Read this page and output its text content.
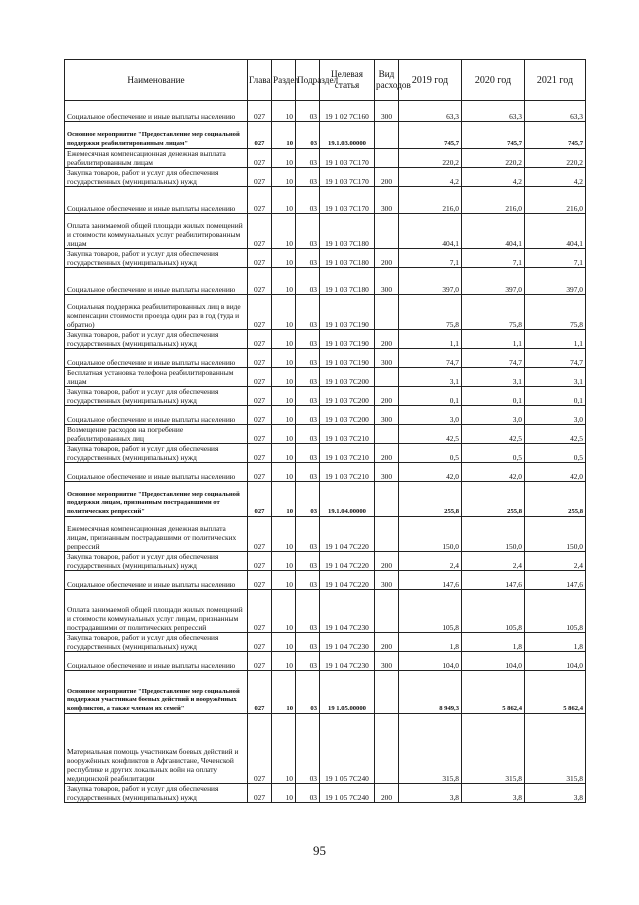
Наименование	Глава	Раздел	Подраздел	Целевая статья	Вид расходов	2019 год	2020 год	2021 год
Социальное обеспечение и иные выплаты населению	027	10	03	19 1 02 7С160	300	63,3	63,3	63,3
Основное мероприятие "Предоставление мер социальной поддержки реабилитированным лицам"	027	10	03	19.1.03.00000		745,7	745,7	745,7
Ежемесячная компенсационная денежная выплата реабилитированным лицам	027	10	03	19 1 03 7С170		220,2	220,2	220,2
Закупка товаров, работ и услуг для обеспечения государственных (муниципальных) нужд	027	10	03	19 1 03 7С170	200	4,2	4,2	4,2
Социальное обеспечение и иные выплаты населению	027	10	03	19 1 03 7С170	300	216,0	216,0	216,0
Оплата занимаемой общей площади жилых помещений и стоимости коммунальных услуг реабилитированным лицам	027	10	03	19 1 03 7С180		404,1	404,1	404,1
Закупка товаров, работ и услуг для обеспечения государственных (муниципальных) нужд	027	10	03	19 1 03 7С180	200	7,1	7,1	7,1
Социальное обеспечение и иные выплаты населению	027	10	03	19 1 03 7С180	300	397,0	397,0	397,0
Социальная поддержка реабилитированных лиц в виде компенсации стоимости проезда один раз в год (туда и обратно)	027	10	03	19 1 03 7С190		75,8	75,8	75,8
Закупка товаров, работ и услуг для обеспечения государственных (муниципальных) нужд	027	10	03	19 1 03 7С190	200	1,1	1,1	1,1
Социальное обеспечение и иные выплаты населению	027	10	03	19 1 03 7С190	300	74,7	74,7	74,7
Бесплатная установка телефона реабилитированным лицам	027	10	03	19 1 03 7С200		3,1	3,1	3,1
Закупка товаров, работ и услуг для обеспечения государственных (муниципальных) нужд	027	10	03	19 1 03 7С200	200	0,1	0,1	0,1
Социальное обеспечение и иные выплаты населению	027	10	03	19 1 03 7С200	300	3,0	3,0	3,0
Возмещение расходов на погребение реабилитированных лиц	027	10	03	19 1 03 7С210		42,5	42,5	42,5
Закупка товаров, работ и услуг для обеспечения государственных (муниципальных) нужд	027	10	03	19 1 03 7С210	200	0,5	0,5	0,5
Социальное обеспечение и иные выплаты населению	027	10	03	19 1 03 7С210	300	42,0	42,0	42,0
Основное мероприятие "Предоставление мер социальной поддержки лицам, признанным пострадавшими от политических репрессий"	027	10	03	19.1.04.00000		255,8	255,8	255,8
Ежемесячная компенсационная денежная выплата лицам, признанным пострадавшими от политических репрессий	027	10	03	19 1 04 7С220		150,0	150,0	150,0
Закупка товаров, работ и услуг для обеспечения государственных (муниципальных) нужд	027	10	03	19 1 04 7С220	200	2,4	2,4	2,4
Социальное обеспечение и иные выплаты населению	027	10	03	19 1 04 7С220	300	147,6	147,6	147,6
Оплата занимаемой общей площади жилых помещений и стоимости коммунальных услуг лицам, признанным пострадавшими от политических репрессий	027	10	03	19 1 04 7С230		105,8	105,8	105,8
Закупка товаров, работ и услуг для обеспечения государственных (муниципальных) нужд	027	10	03	19 1 04 7С230	200	1,8	1,8	1,8
Социальное обеспечение и иные выплаты населению	027	10	03	19 1 04 7С230	300	104,0	104,0	104,0
Основное мероприятие "Предоставление мер социальной поддержки участникам боевых действий и вооружённых конфликтов, а также членам их семей"	027	10	03	19 1.05.00000		8 949,3	5 862,4	5 862,4
Материальная помощь участникам боевых действий и вооружённых конфликтов в Афганистане, Чеченской республике и других локальных войн на оплату медицинской реабилитации	027	10	03	19 1 05 7С240		315,8	315,8	315,8
Закупка товаров, работ и услуг для обеспечения государственных (муниципальных) нужд	027	10	03	19 1 05 7С240	200	3,8	3,8	3,8
95
